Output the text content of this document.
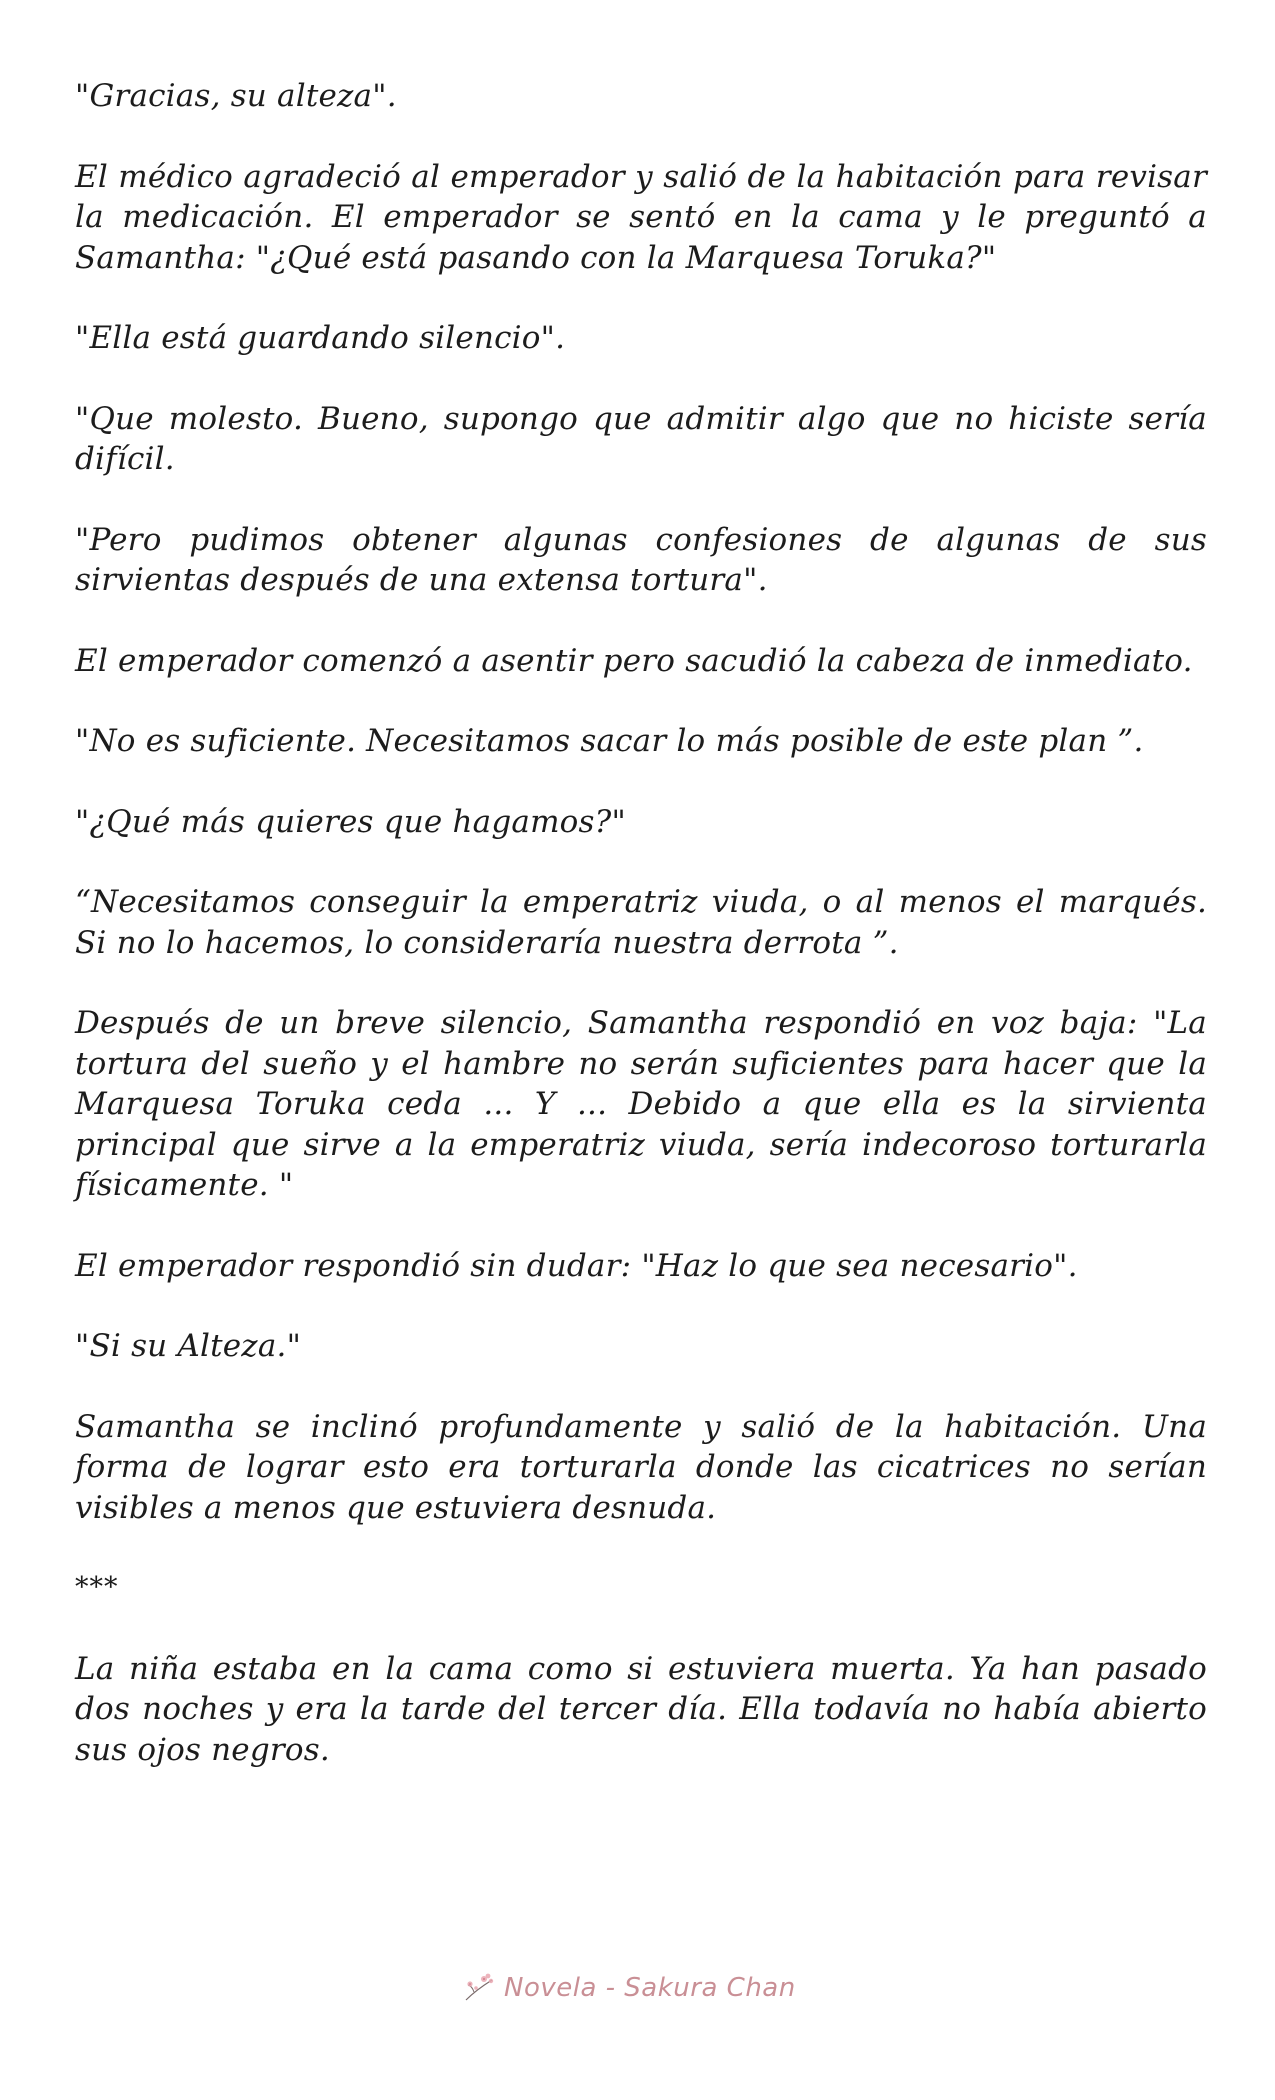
"Gracias, su alteza".

El médico agradeció al emperador y salió de la habitación para revisar la medicación. El emperador se sentó en la cama y le preguntó a Samantha: "¿Qué está pasando con la Marquesa Toruka?"

"Ella está guardando silencio".

"Que molesto. Bueno, supongo que admitir algo que no hiciste sería difícil.

"Pero pudimos obtener algunas confesiones de algunas de sus sirvientas después de una extensa tortura".

El emperador comenzó a asentir pero sacudió la cabeza de inmediato.

"No es suficiente. Necesitamos sacar lo más posible de este plan ”.

"¿Qué más quieres que hagamos?"

“Necesitamos conseguir la emperatriz viuda, o al menos el marqués. Si no lo hacemos, lo consideraría nuestra derrota ”.

Después de un breve silencio, Samantha respondió en voz baja: "La tortura del sueño y el hambre no serán suficientes para hacer que la Marquesa Toruka ceda ... Y ... Debido a que ella es la sirvienta principal que sirve a la emperatriz viuda, sería indecoroso torturarla físicamente. "

El emperador respondió sin dudar: "Haz lo que sea necesario".

"Si su Alteza."

Samantha se inclinó profundamente y salió de la habitación. Una forma de lograr esto era torturarla donde las cicatrices no serían visibles a menos que estuviera desnuda.

***

La niña estaba en la cama como si estuviera muerta. Ya han pasado dos noches y era la tarde del tercer día. Ella todavía no había abierto sus ojos negros.

Novela - Sakura Chan
